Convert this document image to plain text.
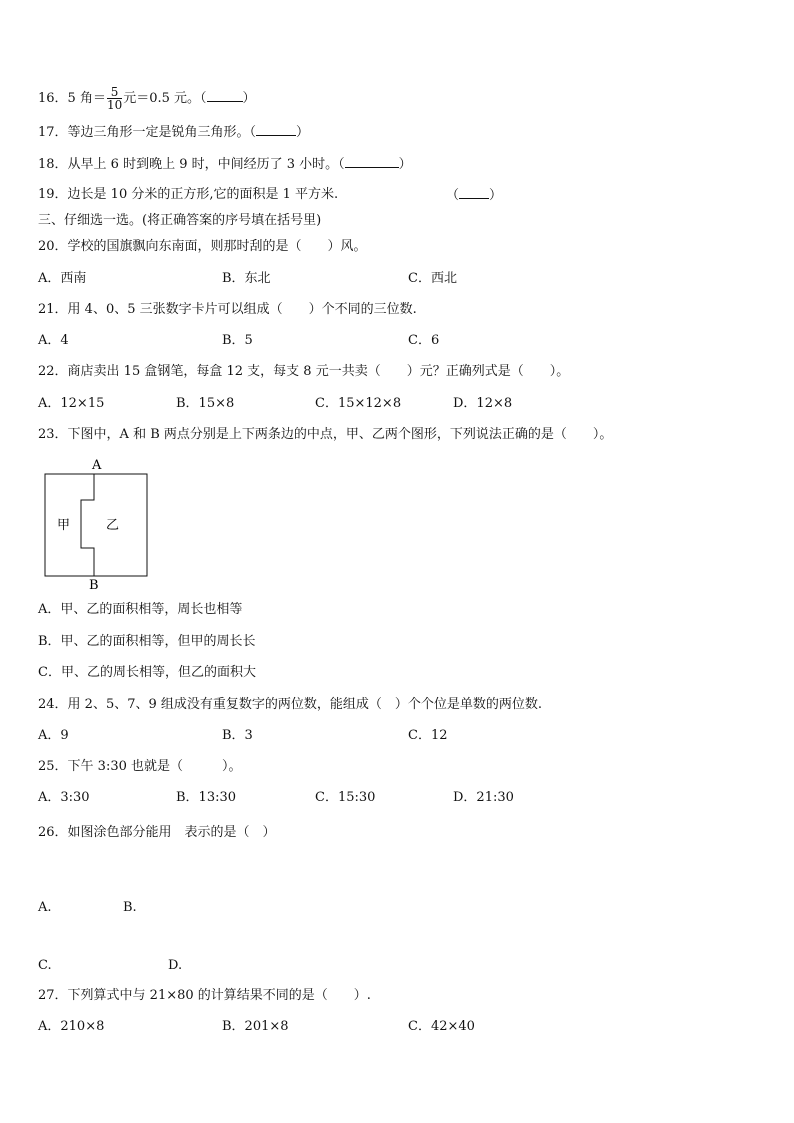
16．5 角＝ $\frac{5}{10}$ 元＝0.5 元。（	）
17．等边三角形一定是锐角三角形。（	）
18．从早上 6 时到晚上 9 时，中间经历了 3 小时。（	）
19．边长是 10 分米的正方形,它的面积是 1 平方米.	（ ）
三、仔细选一选。(将正确答案的序号填在括号里)
20．学校的国旗飘向东南面，则那时刮的是（　　）风。
A．西南	B．东北	C．西北
21．用 4、0、5 三张数字卡片可以组成（　　）个不同的三位数.
A．4	B．5	C．6
22．商店卖出 15 盒钢笔，每盒 12 支，每支 8 元一共卖（　　）元？正确列式是（　　）。
A．12×15	B．15×8	C．15×12×8	D．12×8
23．下图中，A 和 B 两点分别是上下两条边的中点，甲、乙两个图形，下列说法正确的是（　　）。
A
B
甲	乙
A．甲、乙的面积相等，周长也相等
B．甲、乙的面积相等，但甲的周长长
C．甲、乙的周长相等，但乙的面积大
24．用 2、5、7、9 组成没有重复数字的两位数，能组成（　）个个位是单数的两位数.
A．9	B．3	C．12
25．下午 3:30 也就是（　　　）。
A．3:30	B．13:30	C．15:30	D．21:30
26．如图涂色部分能用　表示的是（　）
A.	B.
C.	D.
27．下列算式中与 21×80 的计算结果不同的是（　　）.
A．210×8	B．201×8	C．42×40
